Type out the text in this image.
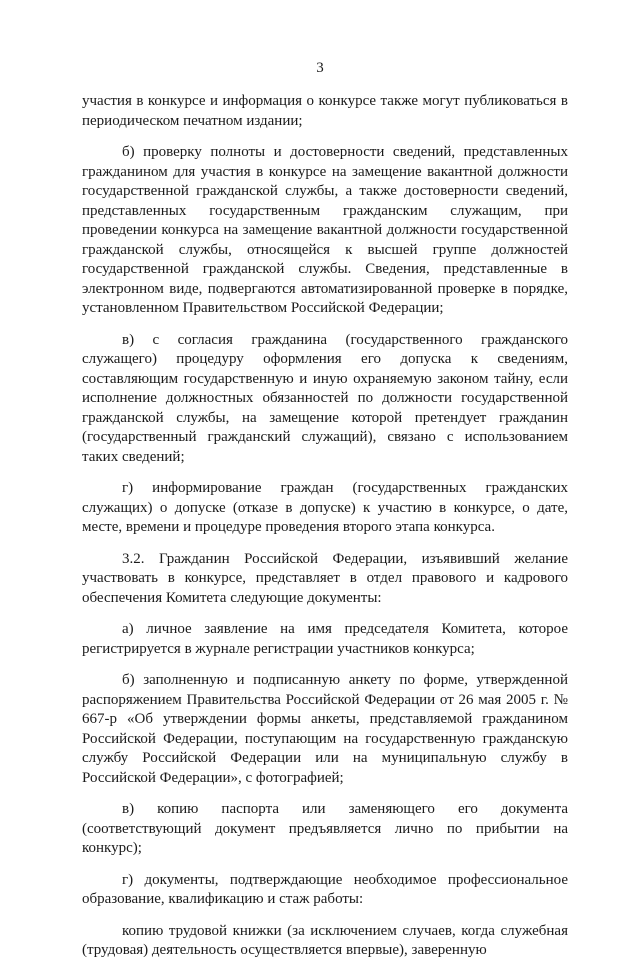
3

участия в конкурсе и информация о конкурсе также могут публиковаться в периодическом печатном издании;

б) проверку полноты и достоверности сведений, представленных гражданином для участия в конкурсе на замещение вакантной должности государственной гражданской службы, а также достоверности сведений, представленных государственным гражданским служащим, при проведении конкурса на замещение вакантной должности государственной гражданской службы, относящейся к высшей группе должностей государственной гражданской службы. Сведения, представленные в электронном виде, подвергаются автоматизированной проверке в порядке, установленном Правительством Российской Федерации;

в) с согласия гражданина (государственного гражданского служащего) процедуру оформления его допуска к сведениям, составляющим государственную и иную охраняемую законом тайну, если исполнение должностных обязанностей по должности государственной гражданской службы, на замещение которой претендует гражданин (государственный гражданский служащий), связано с использованием таких сведений;

г) информирование граждан (государственных гражданских служащих) о допуске (отказе в допуске) к участию в конкурсе, о дате, месте, времени и процедуре проведения второго этапа конкурса.

3.2. Гражданин Российской Федерации, изъявивший желание участвовать в конкурсе, представляет в отдел правового и кадрового обеспечения Комитета следующие документы:

а) личное заявление на имя председателя Комитета, которое регистрируется в журнале регистрации участников конкурса;

б) заполненную и подписанную анкету по форме, утвержденной распоряжением Правительства Российской Федерации от 26 мая 2005 г. № 667-р «Об утверждении формы анкеты, представляемой гражданином Российской Федерации, поступающим на государственную гражданскую службу Российской Федерации или на муниципальную службу в Российской Федерации», с фотографией;

в) копию паспорта или заменяющего его документа (соответствующий документ предъявляется лично по прибытии на конкурс);

г) документы, подтверждающие необходимое профессиональное образование, квалификацию и стаж работы:

копию трудовой книжки (за исключением случаев, когда служебная (трудовая) деятельность осуществляется впервые), заверенную
